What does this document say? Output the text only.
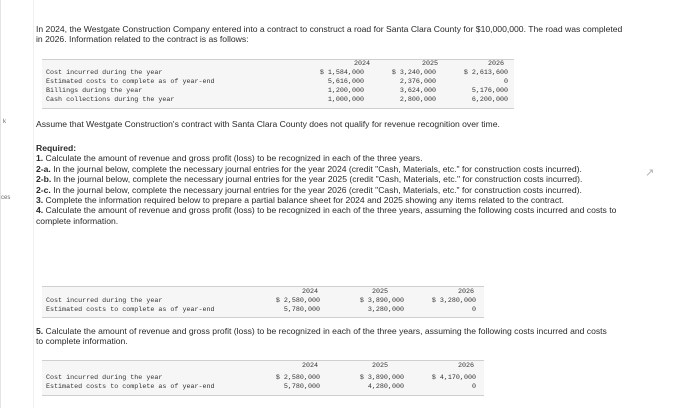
k
ces
In 2024, the Westgate Construction Company entered into a contract to construct a road for Santa Clara County for $10,000,000. The road was completed in 2026. Information related to the contract is as follows:
2024	2025	2026
Cost incurred during the year	$ 1,584,000	$ 3,240,000	$ 2,613,600
Estimated costs to complete as of year-end	5,616,000	2,376,000	0
Billings during the year	1,200,000	3,624,000	5,176,000
Cash collections during the year	1,000,000	2,800,000	6,200,000
Assume that Westgate Construction's contract with Santa Clara County does not qualify for revenue recognition over time.
Required:
1. Calculate the amount of revenue and gross profit (loss) to be recognized in each of the three years.
2-a. In the journal below, complete the necessary journal entries for the year 2024 (credit "Cash, Materials, etc." for construction costs incurred).
2-b. In the journal below, complete the necessary journal entries for the year 2025 (credit "Cash, Materials, etc." for construction costs incurred).
2-c. In the journal below, complete the necessary journal entries for the year 2026 (credit "Cash, Materials, etc." for construction costs incurred).
3. Complete the information required below to prepare a partial balance sheet for 2024 and 2025 showing any items related to the contract.
4. Calculate the amount of revenue and gross profit (loss) to be recognized in each of the three years, assuming the following costs incurred and costs to complete information.
↗
2024	2025	2026
Cost incurred during the year	$ 2,580,000	$ 3,890,000	$ 3,280,000
Estimated costs to complete as of year-end	5,780,000	3,280,000	0
5. Calculate the amount of revenue and gross profit (loss) to be recognized in each of the three years, assuming the following costs incurred and costs to complete information.
2024	2025	2026
Cost incurred during the year	$ 2,580,000	$ 3,890,000	$ 4,170,000
Estimated costs to complete as of year-end	5,780,000	4,280,000	0
